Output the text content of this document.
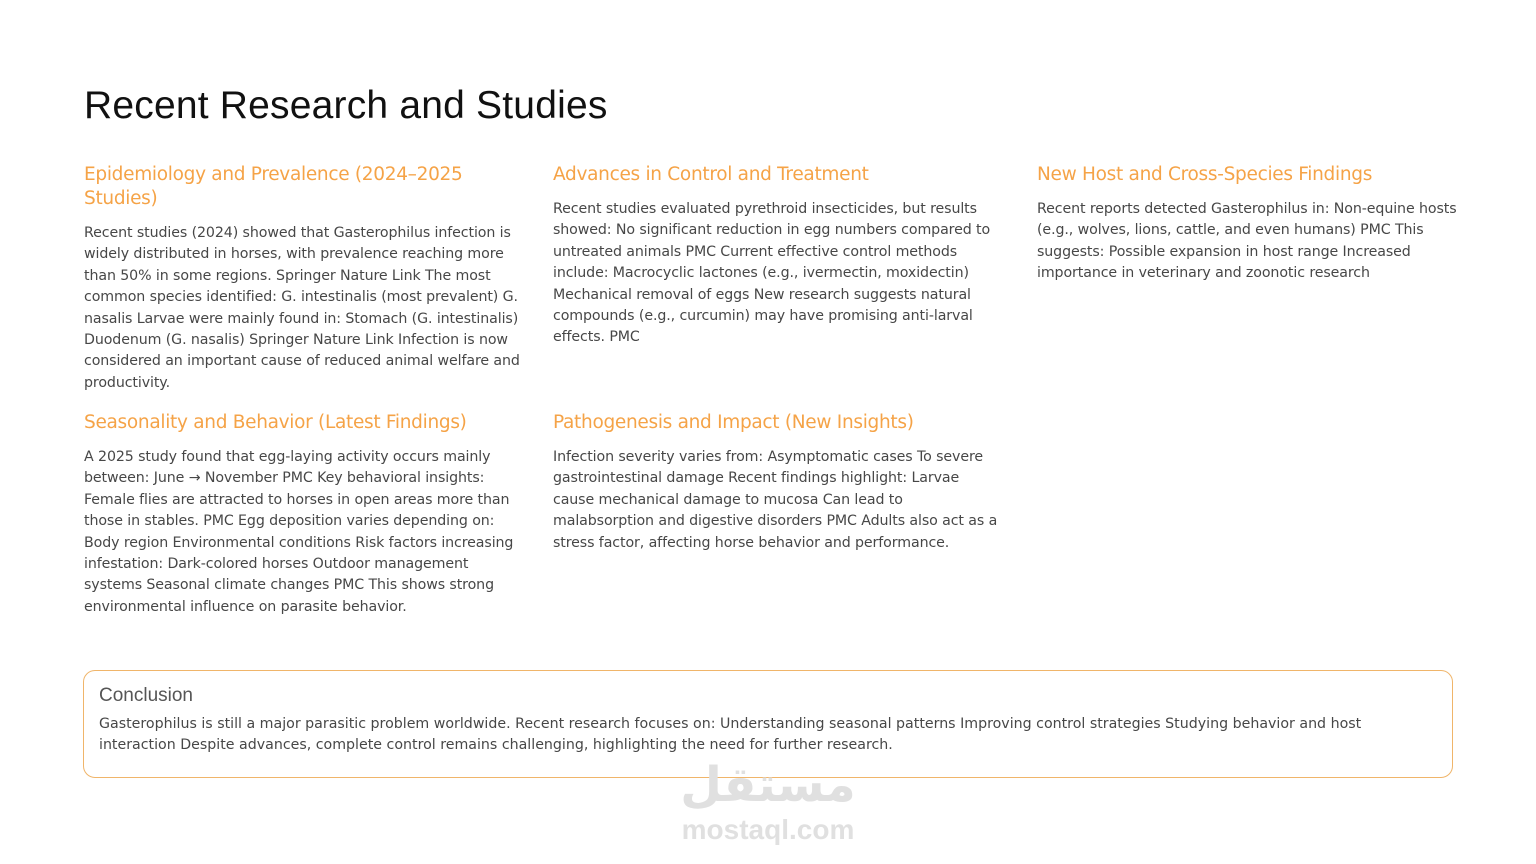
Recent Research and Studies
Epidemiology and Prevalence (2024–2025 Studies)

Recent studies (2024) showed that Gasterophilus infection is widely distributed in horses, with prevalence reaching more than 50% in some regions. Springer Nature Link The most common species identified: G. intestinalis (most prevalent) G. nasalis Larvae were mainly found in: Stomach (G. intestinalis) Duodenum (G. nasalis) Springer Nature Link Infection is now considered an important cause of reduced animal welfare and productivity.

Advances in Control and Treatment

Recent studies evaluated pyrethroid insecticides, but results showed: No significant reduction in egg numbers compared to untreated animals PMC Current effective control methods include: Macrocyclic lactones (e.g., ivermectin, moxidectin) Mechanical removal of eggs New research suggests natural compounds (e.g., curcumin) may have promising anti-larval effects. PMC

New Host and Cross-Species Findings

Recent reports detected Gasterophilus in: Non-equine hosts (e.g., wolves, lions, cattle, and even humans) PMC This suggests: Possible expansion in host range Increased importance in veterinary and zoonotic research

Seasonality and Behavior (Latest Findings)

A 2025 study found that egg-laying activity occurs mainly between: June → November PMC Key behavioral insights: Female flies are attracted to horses in open areas more than those in stables. PMC Egg deposition varies depending on: Body region Environmental conditions Risk factors increasing infestation: Dark-colored horses Outdoor management systems Seasonal climate changes PMC This shows strong environmental influence on parasite behavior.

Pathogenesis and Impact (New Insights)

Infection severity varies from: Asymptomatic cases To severe gastrointestinal damage Recent findings highlight: Larvae cause mechanical damage to mucosa Can lead to malabsorption and digestive disorders PMC Adults also act as a stress factor, affecting horse behavior and performance.

Conclusion

Gasterophilus is still a major parasitic problem worldwide. Recent research focuses on: Understanding seasonal patterns Improving control strategies Studying behavior and host interaction Despite advances, complete control remains challenging, highlighting the need for further research.

مستقل
mostaql.com
